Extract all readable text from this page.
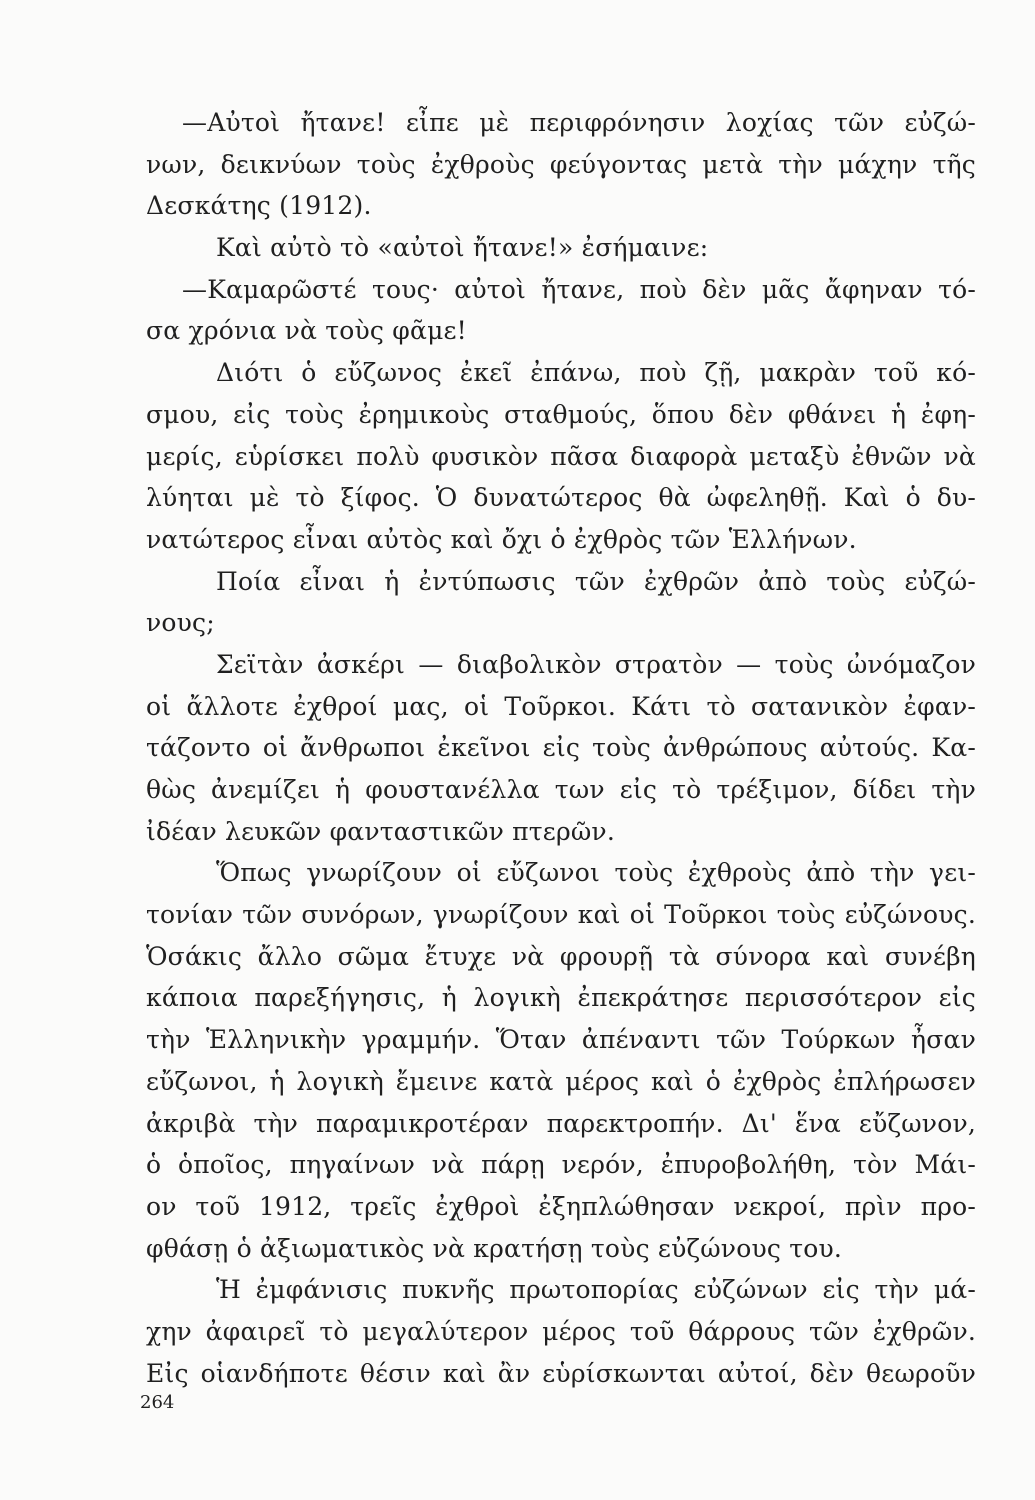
—Αὐτοὶ ἤτανε! εἶπε μὲ περιφρόνησιν λοχίας τῶν εὐζώ-
νων, δεικνύων τοὺς ἐχθροὺς φεύγοντας μετὰ τὴν μάχην τῆς
Δεσκάτης (1912).
Καὶ αὐτὸ τὸ «αὐτοὶ ἤτανε!» ἐσήμαινε:
—Καμαρῶστέ τους· αὐτοὶ ἤτανε, ποὺ δὲν μᾶς ἄφηναν τό-
σα χρόνια νὰ τοὺς φᾶμε!
Διότι ὁ εὔζωνος ἐκεῖ ἐπάνω, ποὺ ζῇ, μακρὰν τοῦ κό-
σμου, εἰς τοὺς ἐρημικοὺς σταθμούς, ὅπου δὲν φθάνει ἡ ἐφη-
μερίς, εὑρίσκει πολὺ φυσικὸν πᾶσα διαφορὰ μεταξὺ ἐθνῶν νὰ
λύηται μὲ τὸ ξίφος. Ὁ δυνατώτερος θὰ ὠφεληθῇ. Καὶ ὁ δυ-
νατώτερος εἶναι αὐτὸς καὶ ὄχι ὁ ἐχθρὸς τῶν Ἑλλήνων.
Ποία εἶναι ἡ ἐντύπωσις τῶν ἐχθρῶν ἀπὸ τοὺς εὐζώ-
νους;
Σεϊτὰν ἀσκέρι — διαβολικὸν στρατὸν — τοὺς ὠνόμαζον
οἱ ἄλλοτε ἐχθροί μας, οἱ Τοῦρκοι. Κάτι τὸ σατανικὸν ἐφαν-
τάζοντο οἱ ἄνθρωποι ἐκεῖνοι εἰς τοὺς ἀνθρώπους αὐτούς. Κα-
θὼς ἀνεμίζει ἡ φουστανέλλα των εἰς τὸ τρέξιμον, δίδει τὴν
ἰδέαν λευκῶν φανταστικῶν πτερῶν.
Ὅπως γνωρίζουν οἱ εὔζωνοι τοὺς ἐχθροὺς ἀπὸ τὴν γει-
τονίαν τῶν συνόρων, γνωρίζουν καὶ οἱ Τοῦρκοι τοὺς εὐζώνους.
Ὁσάκις ἄλλο σῶμα ἔτυχε νὰ φρουρῇ τὰ σύνορα καὶ συνέβη
κάποια παρεξήγησις, ἡ λογικὴ ἐπεκράτησε περισσότερον εἰς
τὴν Ἑλληνικὴν γραμμήν. Ὅταν ἀπέναντι τῶν Τούρκων ἦσαν
εὔζωνοι, ἡ λογικὴ ἔμεινε κατὰ μέρος καὶ ὁ ἐχθρὸς ἐπλήρωσεν
ἀκριβὰ τὴν παραμικροτέραν παρεκτροπήν. Δι' ἕνα εὔζωνον,
ὁ ὁποῖος, πηγαίνων νὰ πάρῃ νερόν, ἐπυροβολήθη, τὸν Μάι-
ον τοῦ 1912, τρεῖς ἐχθροὶ ἐξηπλώθησαν νεκροί, πρὶν προ-
φθάσῃ ὁ ἀξιωματικὸς νὰ κρατήσῃ τοὺς εὐζώνους του.
Ἡ ἐμφάνισις πυκνῆς πρωτοπορίας εὐζώνων εἰς τὴν μά-
χην ἀφαιρεῖ τὸ μεγαλύτερον μέρος τοῦ θάρρους τῶν ἐχθρῶν.
Εἰς οἱανδήποτε θέσιν καὶ ἂν εὑρίσκωνται αὐτοί, δὲν θεωροῦν
264
